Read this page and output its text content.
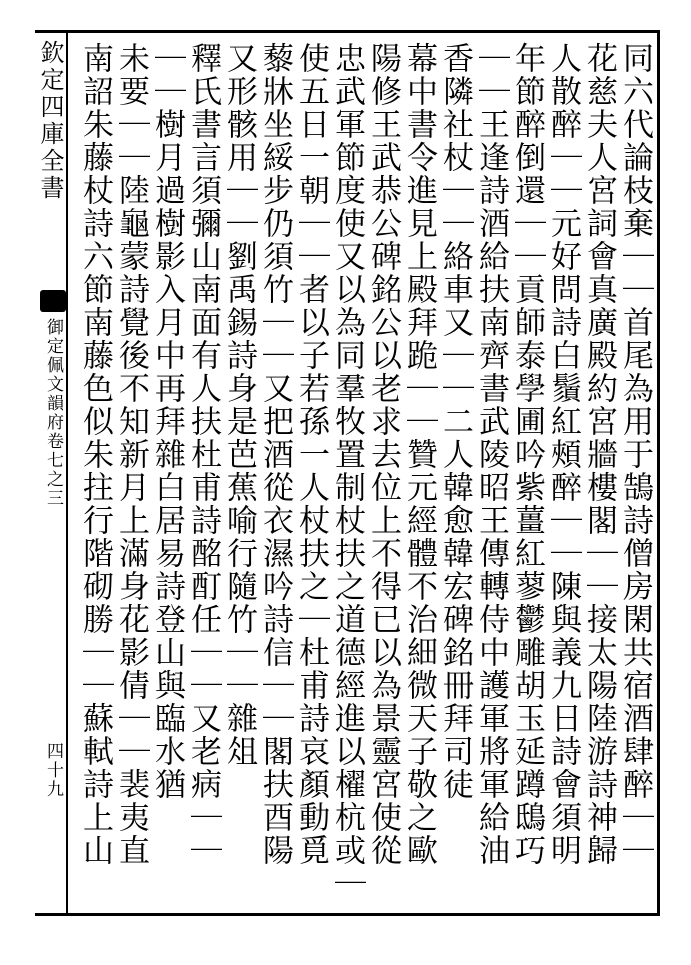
欽定四庫全書
御定佩文韻府卷七之三
四十九	同六代論枝棄｜｜首尾為用于鵠詩僧房閑共宿酒肆醉｜｜
花慈夫人宮詞會真廣殿約宮牆樓閣｜｜接太陽陸游詩神歸
人散醉｜｜元好問詩白鬚紅頰醉｜｜陳與義九日詩會須明
年節醉倒還｜｜貢師泰學圃吟紫薑紅蓼鬱雕胡玉延蹲鴟巧
｜｜王逢詩酒給扶南齊書武陵昭王傳轉侍中護軍將軍給油
香隣社杖｜｜絡車又｜｜二人韓愈韓宏碑銘冊拜司徒
幕中書令進見上殿拜跪｜｜贊元經體不治細微天子敬之歐
陽修王武恭公碑銘公以老求去位上不得已以為景靈宮使從
忠武軍節度使又以為同羣牧置制杖扶之道德經進以櫂杭或｜
使五日一朝｜｜者以子若孫一人杖扶之｜杜甫詩哀顏動覓
藜牀坐綏步仍須竹｜｜又把酒從衣濕吟詩信｜｜閣扶酉陽
又形骸用｜｜劉禹錫詩身是芭蕉喻行隨竹｜｜雜俎
釋氏書言須彌山南面有人扶杜甫詩酩酊任｜｜又老病｜｜
｜｜樹月過樹影入月中再拜雜白居易詩登山與臨水猶
未要｜｜陸龜蒙詩覺後不知新月上滿身花影倩｜｜裴夷直
南詔朱藤杖詩六節南藤色似朱拄行階砌勝｜｜蘇軾詩上山
